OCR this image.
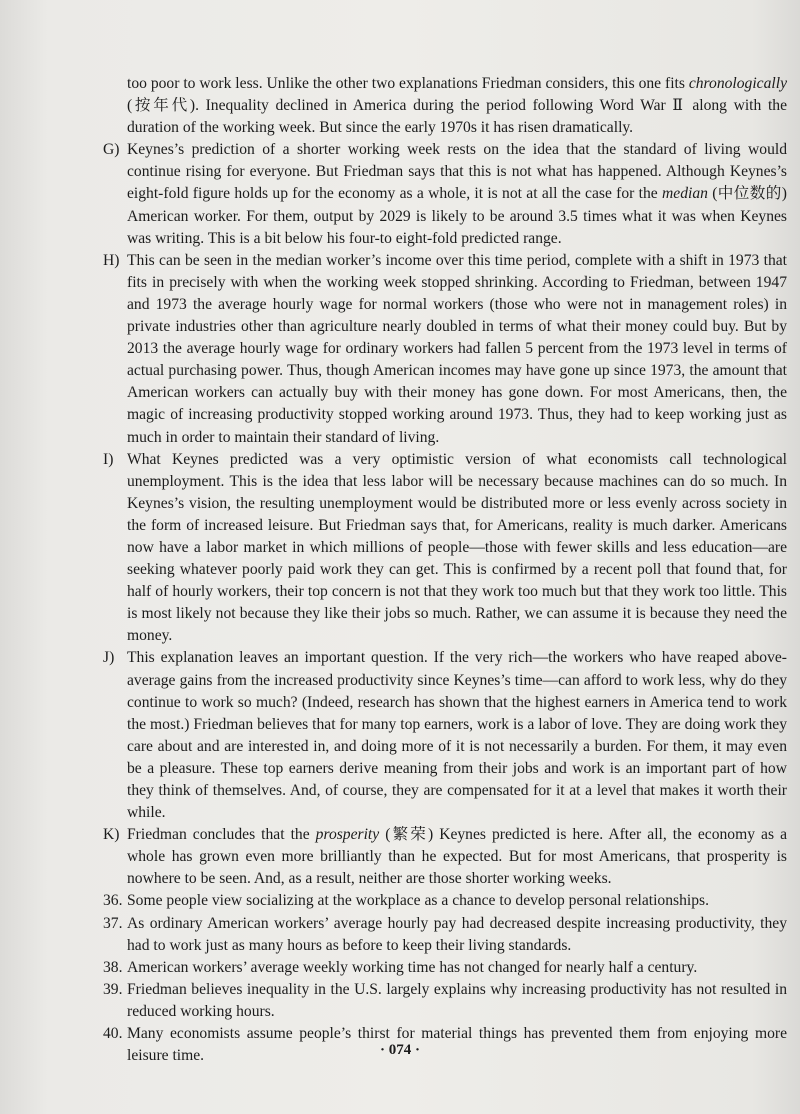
too poor to work less. Unlike the other two explanations Friedman considers, this one fits chronologically (按年代). Inequality declined in America during the period following Word War Ⅱ along with the duration of the working week. But since the early 1970s it has risen dramatically.

G) Keynes’s prediction of a shorter working week rests on the idea that the standard of living would continue rising for everyone. But Friedman says that this is not what has happened. Although Keynes’s eight-fold figure holds up for the economy as a whole, it is not at all the case for the median (中位数的) American worker. For them, output by 2029 is likely to be around 3.5 times what it was when Keynes was writing. This is a bit below his four-to eight-fold predicted range.

H) This can be seen in the median worker’s income over this time period, complete with a shift in 1973 that fits in precisely with when the working week stopped shrinking. According to Friedman, between 1947 and 1973 the average hourly wage for normal workers (those who were not in management roles) in private industries other than agriculture nearly doubled in terms of what their money could buy. But by 2013 the average hourly wage for ordinary workers had fallen 5 percent from the 1973 level in terms of actual purchasing power. Thus, though American incomes may have gone up since 1973, the amount that American workers can actually buy with their money has gone down. For most Americans, then, the magic of increasing productivity stopped working around 1973. Thus, they had to keep working just as much in order to maintain their standard of living.

I) What Keynes predicted was a very optimistic version of what economists call technological unemployment. This is the idea that less labor will be necessary because machines can do so much. In Keynes’s vision, the resulting unemployment would be distributed more or less evenly across society in the form of increased leisure. But Friedman says that, for Americans, reality is much darker. Americans now have a labor market in which millions of people—those with fewer skills and less education—are seeking whatever poorly paid work they can get. This is confirmed by a recent poll that found that, for half of hourly workers, their top concern is not that they work too much but that they work too little. This is most likely not because they like their jobs so much. Rather, we can assume it is because they need the money.

J) This explanation leaves an important question. If the very rich—the workers who have reaped above-average gains from the increased productivity since Keynes’s time—can afford to work less, why do they continue to work so much? (Indeed, research has shown that the highest earners in America tend to work the most.) Friedman believes that for many top earners, work is a labor of love. They are doing work they care about and are interested in, and doing more of it is not necessarily a burden. For them, it may even be a pleasure. These top earners derive meaning from their jobs and work is an important part of how they think of themselves. And, of course, they are compensated for it at a level that makes it worth their while.

K) Friedman concludes that the prosperity (繁荣) Keynes predicted is here. After all, the economy as a whole has grown even more brilliantly than he expected. But for most Americans, that prosperity is nowhere to be seen. And, as a result, neither are those shorter working weeks.

36. Some people view socializing at the workplace as a chance to develop personal relationships.

37. As ordinary American workers’ average hourly pay had decreased despite increasing productivity, they had to work just as many hours as before to keep their living standards.

38. American workers’ average weekly working time has not changed for nearly half a century.

39. Friedman believes inequality in the U.S. largely explains why increasing productivity has not resulted in reduced working hours.

40. Many economists assume people’s thirst for material things has prevented them from enjoying more leisure time.	· 074 ·
